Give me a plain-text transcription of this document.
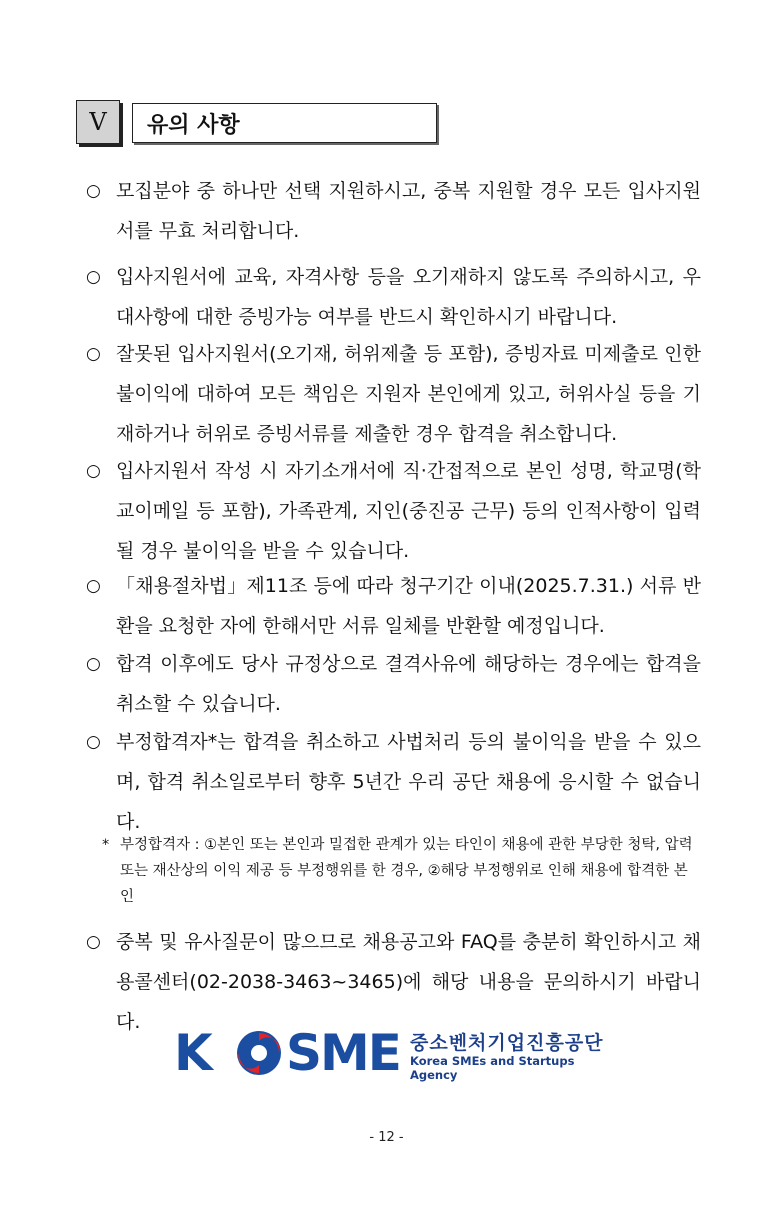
V	유의 사항
○ 모집분야 중 하나만 선택 지원하시고, 중복 지원할 경우 모든 입사지원서를 무효 처리합니다.
○ 입사지원서에 교육, 자격사항 등을 오기재하지 않도록 주의하시고, 우대사항에 대한 증빙가능 여부를 반드시 확인하시기 바랍니다.
○ 잘못된 입사지원서(오기재, 허위제출 등 포함), 증빙자료 미제출로 인한 불이익에 대하여 모든 책임은 지원자 본인에게 있고, 허위사실 등을 기재하거나 허위로 증빙서류를 제출한 경우 합격을 취소합니다.
○ 입사지원서 작성 시 자기소개서에 직·간접적으로 본인 성명, 학교명(학교이메일 등 포함), 가족관계, 지인(중진공 근무) 등의 인적사항이 입력될 경우 불이익을 받을 수 있습니다.
○ 「채용절차법」제11조 등에 따라 청구기간 이내(2025.7.31.) 서류 반환을 요청한 자에 한해서만 서류 일체를 반환할 예정입니다.
○ 합격 이후에도 당사 규정상으로 결격사유에 해당하는 경우에는 합격을 취소할 수 있습니다.
○ 부정합격자*는 합격을 취소하고 사법처리 등의 불이익을 받을 수 있으며, 합격 취소일로부터 향후 5년간 우리 공단 채용에 응시할 수 없습니다.
* 부정합격자 : ①본인 또는 본인과 밀접한 관계가 있는 타인이 채용에 관한 부당한 청탁, 압력 또는 재산상의 이익 제공 등 부정행위를 한 경우, ②해당 부정행위로 인해 채용에 합격한 본인
○ 중복 및 유사질문이 많으므로 채용공고와 FAQ를 충분히 확인하시고 채용콜센터(02-2038-3463~3465)에 해당 내용을 문의하시기 바랍니다.
K SME 중소벤처기업진흥공단
Korea SMEs and Startups Agency
- 12 -
